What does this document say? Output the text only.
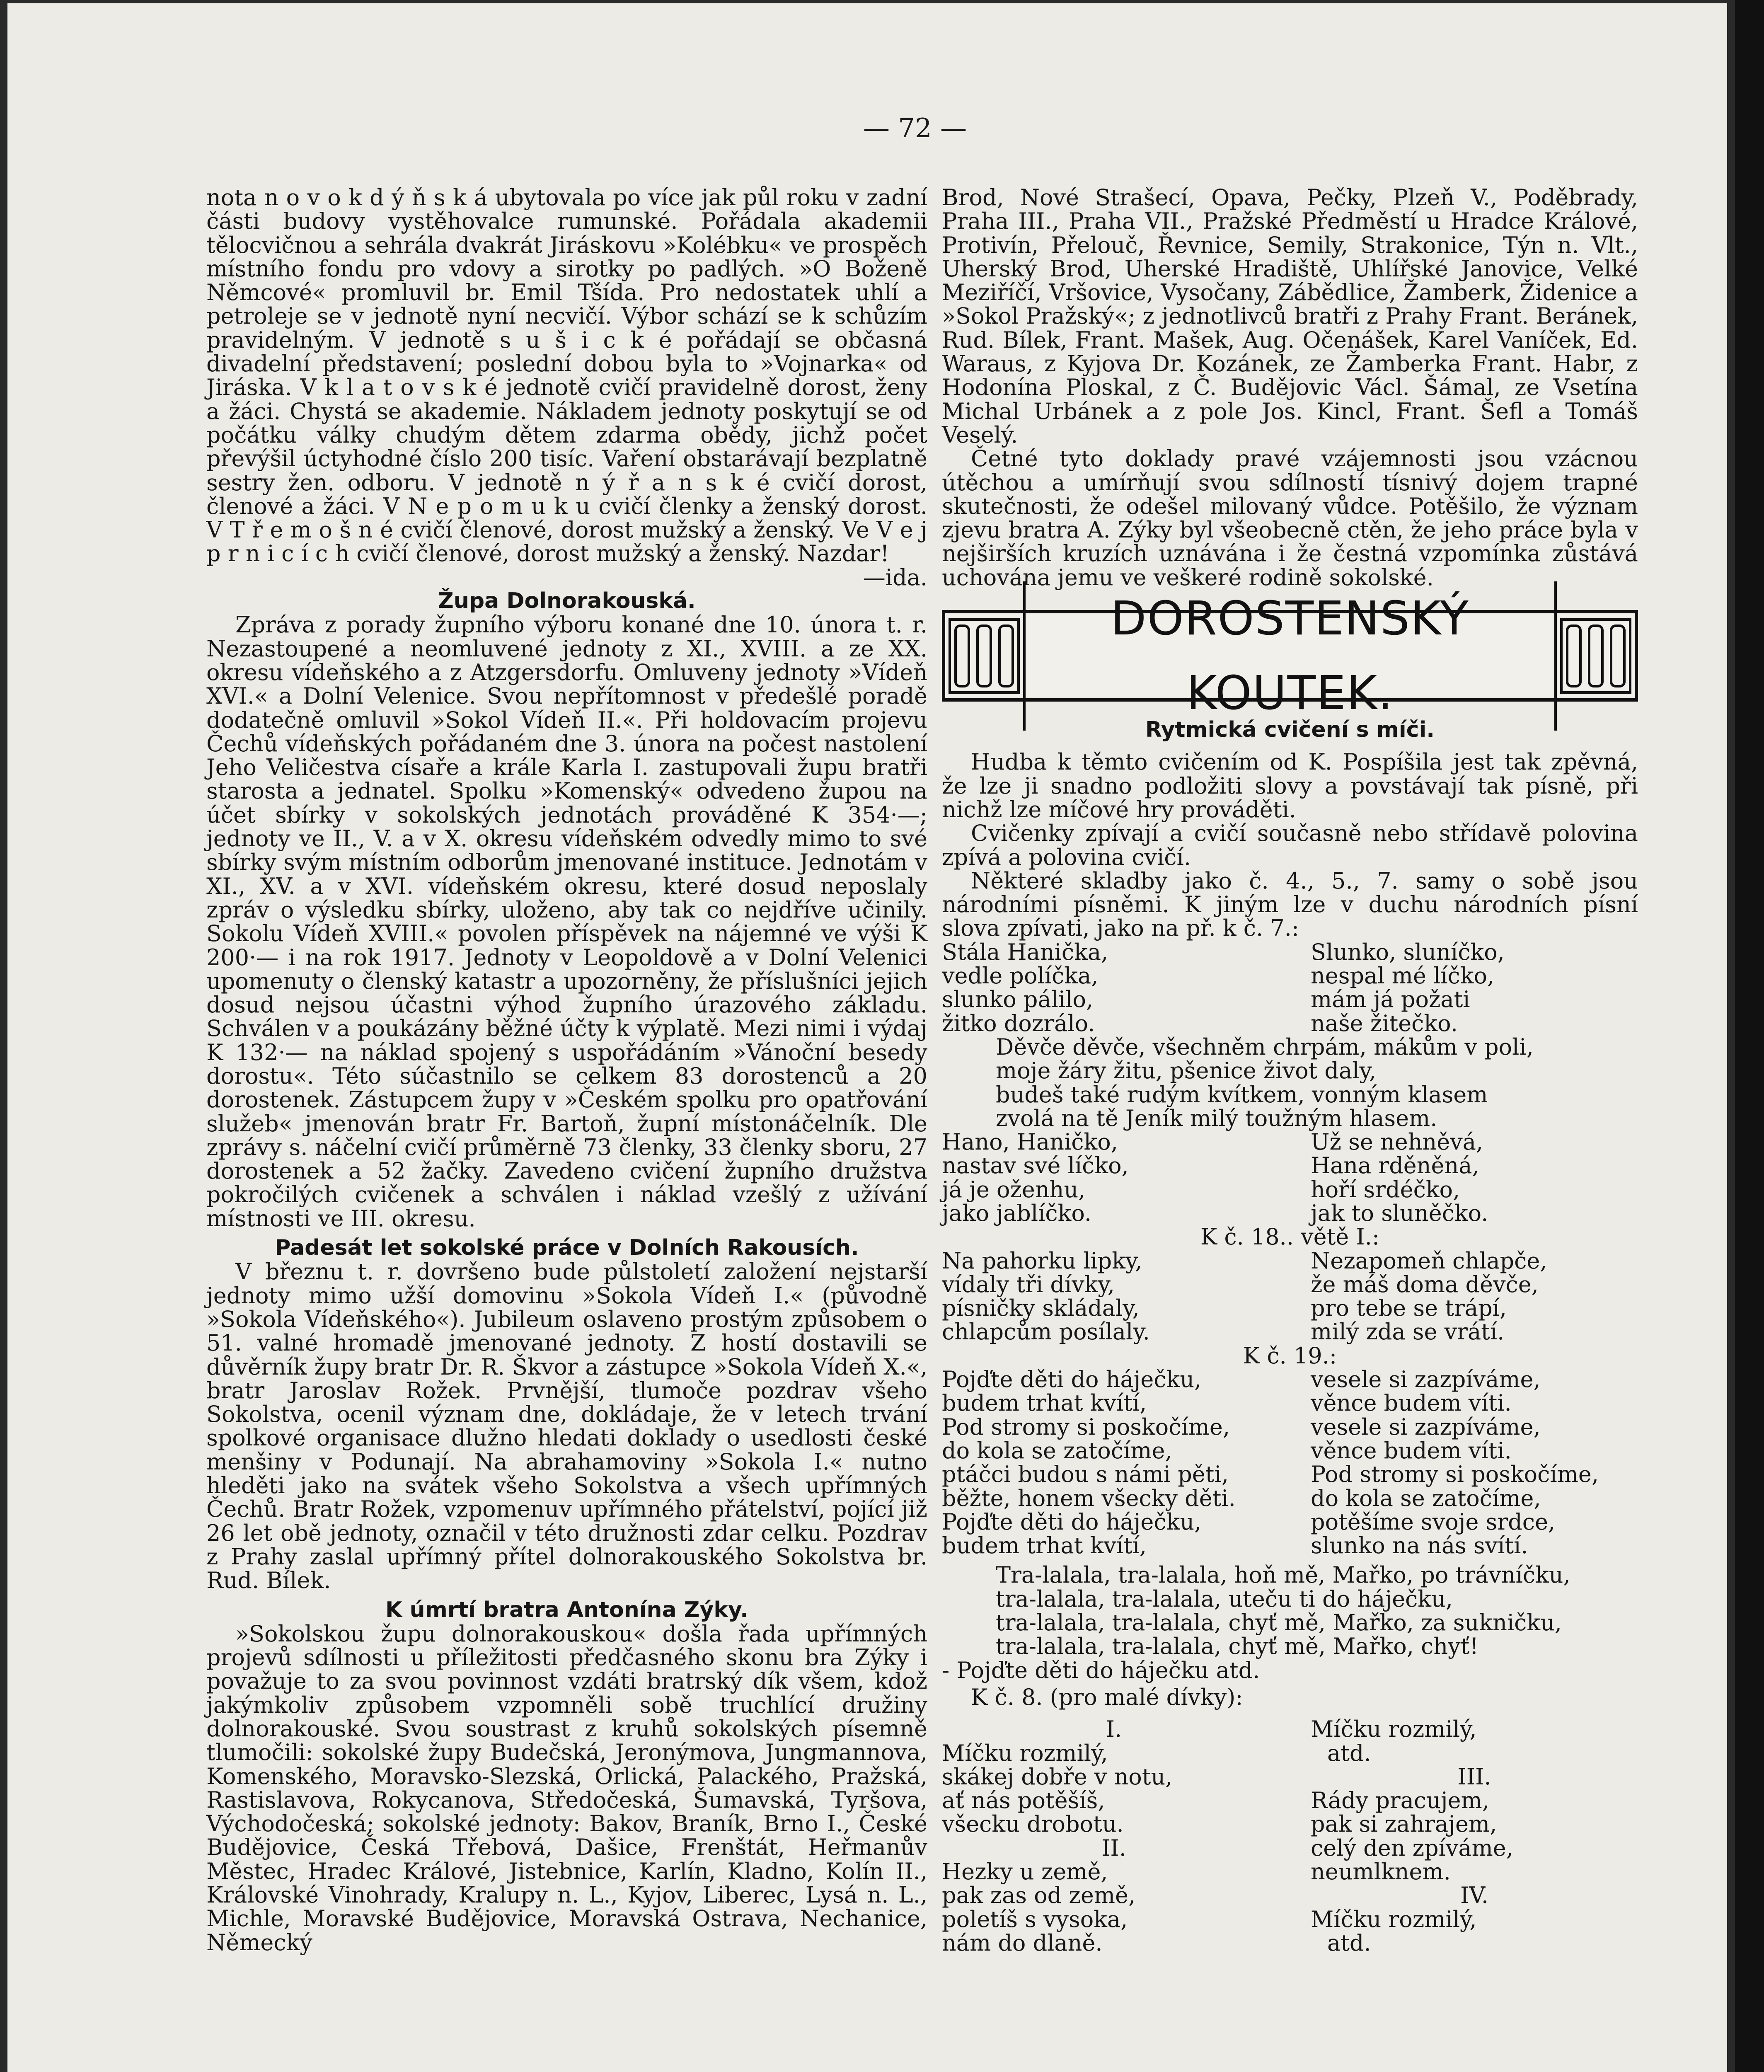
— 72 —

nota n o v o k d ý ň s k á ubytovala po více jak půl roku v zadní části budovy vystěhovalce rumunské. Pořádala akademii tělocvičnou a sehrála dvakrát Jiráskovu »Kolébku« ve prospěch místního fondu pro vdovy a sirotky po padlých. »O Boženě Němcové« promluvil br. Emil Tšída. Pro nedostatek uhlí a petroleje se v jednotě nyní necvičí. Výbor schází se k schůzím pravidelným. V jednotě s u š i c k é pořádají se občasná divadelní představení; poslední dobou byla to »Vojnarka« od Jiráska. V k l a t o v s k é jednotě cvičí pravidelně dorost, ženy a žáci. Chystá se akademie. Nákladem jednoty poskytují se od počátku války chudým dětem zdarma obědy, jichž počet převýšil úctyhodné číslo 200 tisíc. Vaření obstarávají bezplatně sestry žen. odboru. V jednotě n ý ř a n s k é cvičí dorost, členové a žáci. V N e p o m u k u cvičí členky a ženský dorost. V T ř e m o š n é cvičí členové, dorost mužský a ženský. Ve V e j p r n i c í c h cvičí členové, dorost mužský a ženský. Nazdar!

—ida.

Župa Dolnorakouská.

Zpráva z porady župního výboru konané dne 10. února t. r. Nezastoupené a neomluvené jednoty z XI., XVIII. a ze XX. okresu vídeňského a z Atzgersdorfu. Omluveny jednoty »Vídeň XVI.« a Dolní Velenice. Svou nepřítomnost v předešlé poradě dodatečně omluvil »Sokol Vídeň II.«. Při holdovacím projevu Čechů vídeňských pořádaném dne 3. února na počest nastolení Jeho Veličestva císaře a krále Karla I. zastupovali župu bratři starosta a jednatel. Spolku »Komenský« odvedeno župou na účet sbírky v sokolských jednotách prováděné K 354·—; jednoty ve II., V. a v X. okresu vídeňském odvedly mimo to své sbírky svým místním odborům jmenované instituce. Jednotám v XI., XV. a v XVI. vídeňském okresu, které dosud neposlaly zpráv o výsledku sbírky, uloženo, aby tak co nejdříve učinily. Sokolu Vídeň XVIII.« povolen příspěvek na nájemné ve výši K 200·— i na rok 1917. Jednoty v Leopoldově a v Dolní Velenici upomenuty o členský katastr a upozorněny, že příslušníci jejich dosud nejsou účastni výhod župního úrazového základu. Schválen v a poukázány běžné účty k výplatě. Mezi nimi i výdaj K 132·— na náklad spojený s uspořádáním »Vánoční besedy dorostu«. Této súčastnilo se celkem 83 dorostenců a 20 dorostenek. Zástupcem župy v »Českém spolku pro opatřování služeb« jmenován bratr Fr. Bartoň, župní místonáčelník. Dle zprávy s. náčelní cvičí průměrně 73 členky, 33 členky sboru, 27 dorostenek a 52 žačky. Zavedeno cvičení župního družstva pokročilých cvičenek a schválen i náklad vzešlý z užívání místnosti ve III. okresu.

Padesát let sokolské práce v Dolních Rakousích.

V březnu t. r. dovršeno bude půlstoletí založení nejstarší jednoty mimo užší domovinu »Sokola Vídeň I.« (původně »Sokola Vídeňského«). Jubileum oslaveno prostým způsobem o 51. valné hromadě jmenované jednoty. Z hostí dostavili se důvěrník župy bratr Dr. R. Škvor a zástupce »Sokola Vídeň X.«, bratr Jaroslav Rožek. Prvnější, tlumoče pozdrav všeho Sokolstva, ocenil význam dne, dokládaje, že v letech trvání spolkové organisace dlužno hledati doklady o usedlosti české menšiny v Podunají. Na abrahamoviny »Sokola I.« nutno hleděti jako na svátek všeho Sokolstva a všech upřímných Čechů. Bratr Rožek, vzpomenuv upřímného přátelství, pojící již 26 let obě jednoty, označil v této družnosti zdar celku. Pozdrav z Prahy zaslal upřímný přítel dolnorakouského Sokolstva br. Rud. Bílek.

K úmrtí bratra Antonína Zýky.

»Sokolskou župu dolnorakouskou« došla řada upřímných projevů sdílnosti u příležitosti předčasného skonu bra Zýky i považuje to za svou povinnost vzdáti bratrský dík všem, kdož jakýmkoliv způsobem vzpomněli sobě truchlící družiny dolnorakouské. Svou soustrast z kruhů sokolských písemně tlumočili: sokolské župy Budečská, Jeronýmova, Jungmannova, Komenského, Moravsko-Slezská, Orlická, Palackého, Pražská, Rastislavova, Rokycanova, Středočeská, Šumavská, Tyršova, Východočeská; sokolské jednoty: Bakov, Braník, Brno I., České Budějovice, Česká Třebová, Dašice, Frenštát, Heřmanův Městec, Hradec Králové, Jistebnice, Karlín, Kladno, Kolín II., Královské Vinohrady, Kralupy n. L., Kyjov, Liberec, Lysá n. L., Michle, Moravské Budějovice, Moravská Ostrava, Nechanice, Německý

Brod, Nové Strašecí, Opava, Pečky, Plzeň V., Poděbrady, Praha III., Praha VII., Pražské Předměstí u Hradce Králové, Protivín, Přelouč, Řevnice, Semily, Strakonice, Týn n. Vlt., Uherský Brod, Uherské Hradiště, Uhlířské Janovice, Velké Meziříčí, Vršovice, Vysočany, Zábědlice, Žamberk, Židenice a »Sokol Pražský«; z jednotlivců bratři z Prahy Frant. Beránek, Rud. Bílek, Frant. Mašek, Aug. Očenášek, Karel Vaníček, Ed. Waraus, z Kyjova Dr. Kozánek, ze Žamberka Frant. Habr, z Hodonína Ploskal, z Č. Budějovic Václ. Šámal, ze Vsetína Michal Urbánek a z pole Jos. Kincl, Frant. Šefl a Tomáš Veselý.

Četné tyto doklady pravé vzájemnosti jsou vzácnou útěchou a umírňují svou sdílností tísnivý dojem trapné skutečnosti, že odešel milovaný vůdce. Potěšilo, že význam zjevu bratra A. Zýky byl všeobecně ctěn, že jeho práce byla v nejširších kruzích uznávána i že čestná vzpomínka zůstává uchována jemu ve veškeré rodině sokolské.

DOROSTENSKÝ KOUTEK.

Rytmická cvičení s míči.

Hudba k těmto cvičením od K. Pospíšila jest tak zpěvná, že lze ji snadno podložiti slovy a povstávají tak písně, při nichž lze míčové hry prováděti.

Cvičenky zpívají a cvičí současně nebo střídavě polovina zpívá a polovina cvičí.

Některé skladby jako č. 4., 5., 7. samy o sobě jsou národními písněmi. K jiným lze v duchu národních písní slova zpívati, jako na př. k č. 7.:

Stála Hanička,
vedle políčka,
slunko pálilo,
žitko dozrálo.
Slunko, sluníčko,
nespal mé líčko,
mám já požati
naše žitečko.
Děvče děvče, všechněm chrpám, mákům v poli,
moje žáry žitu, pšenice život daly,
budeš také rudým kvítkem, vonným klasem
zvolá na tě Jeník milý toužným hlasem.
Hano, Haničko,
nastav své líčko,
já je oženhu,
jako jablíčko.
Už se nehněvá,
Hana rděněná,
hoří srdéčko,
jak to sluněčko.

K č. 18.. větě I.:

Na pahorku lipky,
vídaly tři dívky,
písničky skládaly,
chlapcům posílaly.
Nezapomeň chlapče,
že máš doma děvče,
pro tebe se trápí,
milý zda se vrátí.

K č. 19.:

Pojďte děti do háječku,
budem trhat kvítí,
Pod stromy si poskočíme,
do kola se zatočíme,
ptáčci budou s námi pěti,
běžte, honem všecky děti.
Pojďte děti do háječku,
budem trhat kvítí,
vesele si zazpíváme,
věnce budem víti.
vesele si zazpíváme,
věnce budem víti.
Pod stromy si poskočíme,
do kola se zatočíme,
potěšíme svoje srdce,
slunko na nás svítí.
Tra-lalala, tra-lalala, hoň mě, Mařko, po trávníčku,
tra-lalala, tra-lalala, uteču ti do háječku,
tra-lalala, tra-lalala, chyť mě, Mařko, za sukničku,
tra-lalala, tra-lalala, chyť mě, Mařko, chyť!

- Pojďte děti do háječku atd.

K č. 8. (pro malé dívky):

I.
Míčku rozmilý,
skákej dobře v notu,
ať nás potěšíš,
všecku drobotu.
II.
Hezky u země,
pak zas od země,
poletíš s vysoka,
nám do dlaně.
Míčku rozmilý,
atd.
III.
Rády pracujem,
pak si zahrajem,
celý den zpíváme,
neumlknem.
IV.
Míčku rozmilý,
atd.
